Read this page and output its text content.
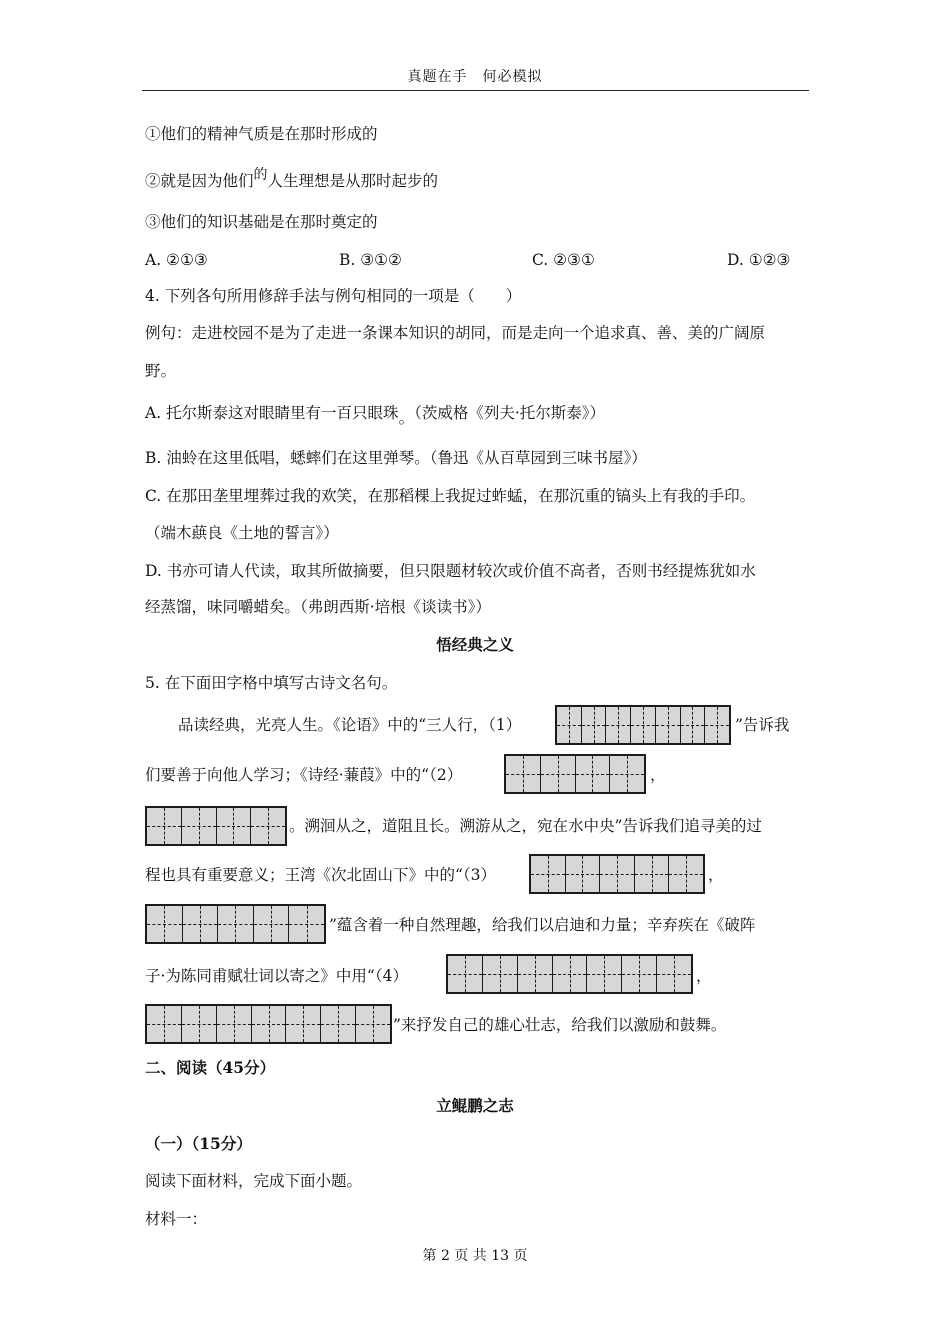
真题在手　何必模拟
①他们的精神气质是在那时形成的
②就是因为他们的人生理想是从那时起步的
③他们的知识基础是在那时奠定的
A. ②①③	B. ③①②	C. ②③①	D. ①②③
4. 下列各句所用修辞手法与例句相同的一项是（　　）
例句：走进校园不是为了走进一条课本知识的胡同，而是走向一个追求真、善、美的广阔原
野。
A. 托尔斯泰这对眼睛里有一百只眼珠。（茨威格《列夫·托尔斯泰》）
B. 油蛉在这里低唱，蟋蟀们在这里弹琴。（鲁迅《从百草园到三味书屋》）
C. 在那田垄里埋葬过我的欢笑，在那稻棵上我捉过蚱蜢，在那沉重的镐头上有我的手印。
（端木蕻良《土地的誓言》）
D. 书亦可请人代读，取其所做摘要，但只限题材较次或价值不高者，否则书经提炼犹如水
经蒸馏，味同嚼蜡矣。（弗朗西斯·培根《谈读书》）
悟经典之义
5. 在下面田字格中填写古诗文名句。
品读经典，光亮人生。《论语》中的“三人行，（1）	”告诉我
们要善于向他人学习；《诗经·蒹葭》中的“（2）	，
。溯洄从之，道阻且长。溯游从之，宛在水中央”告诉我们追寻美的过
程也具有重要意义；王湾《次北固山下》中的“（3）	，
”蕴含着一种自然理趣，给我们以启迪和力量；辛弃疾在《破阵
子·为陈同甫赋壮词以寄之》中用“（4）	，
”来抒发自己的雄心壮志，给我们以激励和鼓舞。
二、阅读（45分）
立鲲鹏之志
（一）（15分）
阅读下面材料，完成下面小题。
材料一：
第 2 页 共 13 页
